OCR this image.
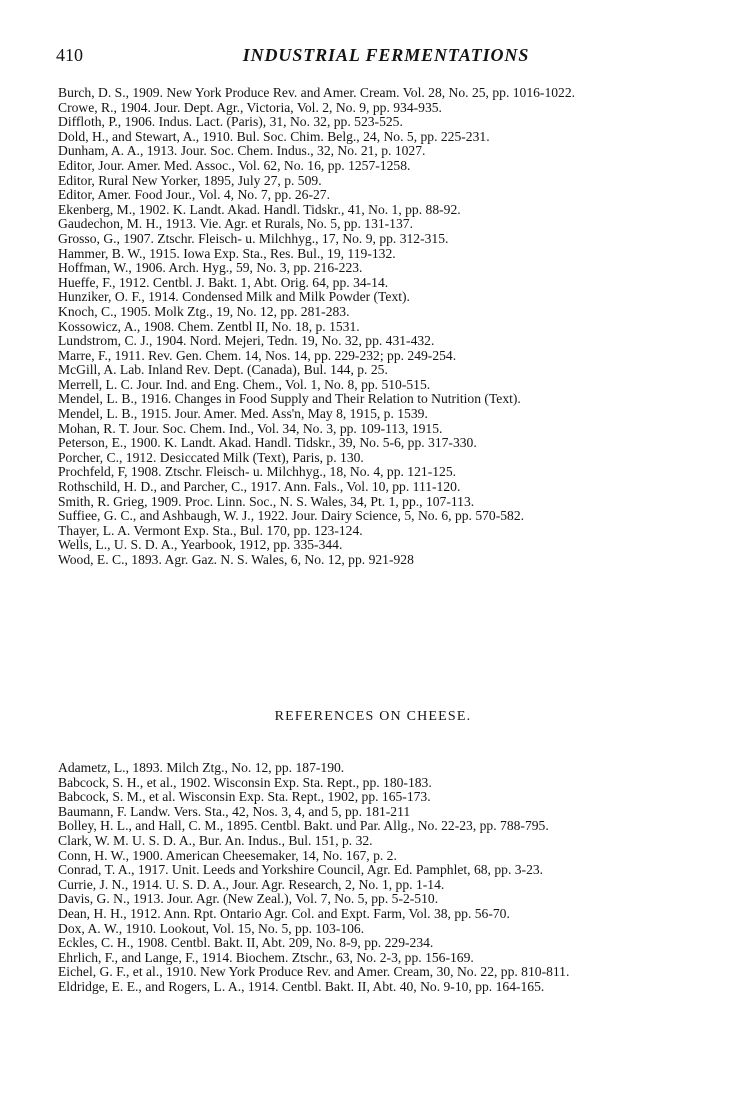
410	INDUSTRIAL FERMENTATIONS
Burch, D. S., 1909. New York Produce Rev. and Amer. Cream. Vol. 28, No. 25, pp. 1016-1022.
Crowe, R., 1904. Jour. Dept. Agr., Victoria, Vol. 2, No. 9, pp. 934-935.
Diffloth, P., 1906. Indus. Lact. (Paris), 31, No. 32, pp. 523-525.
Dold, H., and Stewart, A., 1910. Bul. Soc. Chim. Belg., 24, No. 5, pp. 225-231.
Dunham, A. A., 1913. Jour. Soc. Chem. Indus., 32, No. 21, p. 1027.
Editor, Jour. Amer. Med. Assoc., Vol. 62, No. 16, pp. 1257-1258.
Editor, Rural New Yorker, 1895, July 27, p. 509.
Editor, Amer. Food Jour., Vol. 4, No. 7, pp. 26-27.
Ekenberg, M., 1902. K. Landt. Akad. Handl. Tidskr., 41, No. 1, pp. 88-92.
Gaudechon, M. H., 1913. Vie. Agr. et Rurals, No. 5, pp. 131-137.
Grosso, G., 1907. Ztschr. Fleisch- u. Milchhyg., 17, No. 9, pp. 312-315.
Hammer, B. W., 1915. Iowa Exp. Sta., Res. Bul., 19, 119-132.
Hoffman, W., 1906. Arch. Hyg., 59, No. 3, pp. 216-223.
Hueffe, F., 1912. Centbl. J. Bakt. 1, Abt. Orig. 64, pp. 34-14.
Hunziker, O. F., 1914. Condensed Milk and Milk Powder (Text).
Knoch, C., 1905. Molk Ztg., 19, No. 12, pp. 281-283.
Kossowicz, A., 1908. Chem. Zentbl II, No. 18, p. 1531.
Lundstrom, C. J., 1904. Nord. Mejeri, Tedn. 19, No. 32, pp. 431-432.
Marre, F., 1911. Rev. Gen. Chem. 14, Nos. 14, pp. 229-232; pp. 249-254.
McGill, A. Lab. Inland Rev. Dept. (Canada), Bul. 144, p. 25.
Merrell, L. C. Jour. Ind. and Eng. Chem., Vol. 1, No. 8, pp. 510-515.
Mendel, L. B., 1916. Changes in Food Supply and Their Relation to Nutrition (Text).
Mendel, L. B., 1915. Jour. Amer. Med. Ass'n, May 8, 1915, p. 1539.
Mohan, R. T. Jour. Soc. Chem. Ind., Vol. 34, No. 3, pp. 109-113, 1915.
Peterson, E., 1900. K. Landt. Akad. Handl. Tidskr., 39, No. 5-6, pp. 317-330.
Porcher, C., 1912. Desiccated Milk (Text), Paris, p. 130.
Prochfeld, F, 1908. Ztschr. Fleisch- u. Milchhyg., 18, No. 4, pp. 121-125.
Rothschild, H. D., and Parcher, C., 1917. Ann. Fals., Vol. 10, pp. 111-120.
Smith, R. Grieg, 1909. Proc. Linn. Soc., N. S. Wales, 34, Pt. 1, pp., 107-113.
Suffiee, G. C., and Ashbaugh, W. J., 1922. Jour. Dairy Science, 5, No. 6, pp. 570-582.
Thayer, L. A. Vermont Exp. Sta., Bul. 170, pp. 123-124.
Wells, L., U. S. D. A., Yearbook, 1912, pp. 335-344.
Wood, E. C., 1893. Agr. Gaz. N. S. Wales, 6, No. 12, pp. 921-928
REFERENCES ON CHEESE.
Adametz, L., 1893. Milch Ztg., No. 12, pp. 187-190.
Babcock, S. H., et al., 1902. Wisconsin Exp. Sta. Rept., pp. 180-183.
Babcock, S. M., et al. Wisconsin Exp. Sta. Rept., 1902, pp. 165-173.
Baumann, F. Landw. Vers. Sta., 42, Nos. 3, 4, and 5, pp. 181-211
Bolley, H. L., and Hall, C. M., 1895. Centbl. Bakt. und Par. Allg., No. 22-23, pp. 788-795.
Clark, W. M. U. S. D. A., Bur. An. Indus., Bul. 151, p. 32.
Conn, H. W., 1900. American Cheesemaker, 14, No. 167, p. 2.
Conrad, T. A., 1917. Unit. Leeds and Yorkshire Council, Agr. Ed. Pamphlet, 68, pp. 3-23.
Currie, J. N., 1914. U. S. D. A., Jour. Agr. Research, 2, No. 1, pp. 1-14.
Davis, G. N., 1913. Jour. Agr. (New Zeal.), Vol. 7, No. 5, pp. 5-2-510.
Dean, H. H., 1912. Ann. Rpt. Ontario Agr. Col. and Expt. Farm, Vol. 38, pp. 56-70.
Dox, A. W., 1910. Lookout, Vol. 15, No. 5, pp. 103-106.
Eckles, C. H., 1908. Centbl. Bakt. II, Abt. 209, No. 8-9, pp. 229-234.
Ehrlich, F., and Lange, F., 1914. Biochem. Ztschr., 63, No. 2-3, pp. 156-169.
Eichel, G. F., et al., 1910. New York Produce Rev. and Amer. Cream, 30, No. 22, pp. 810-811.
Eldridge, E. E., and Rogers, L. A., 1914. Centbl. Bakt. II, Abt. 40, No. 9-10, pp. 164-165.
